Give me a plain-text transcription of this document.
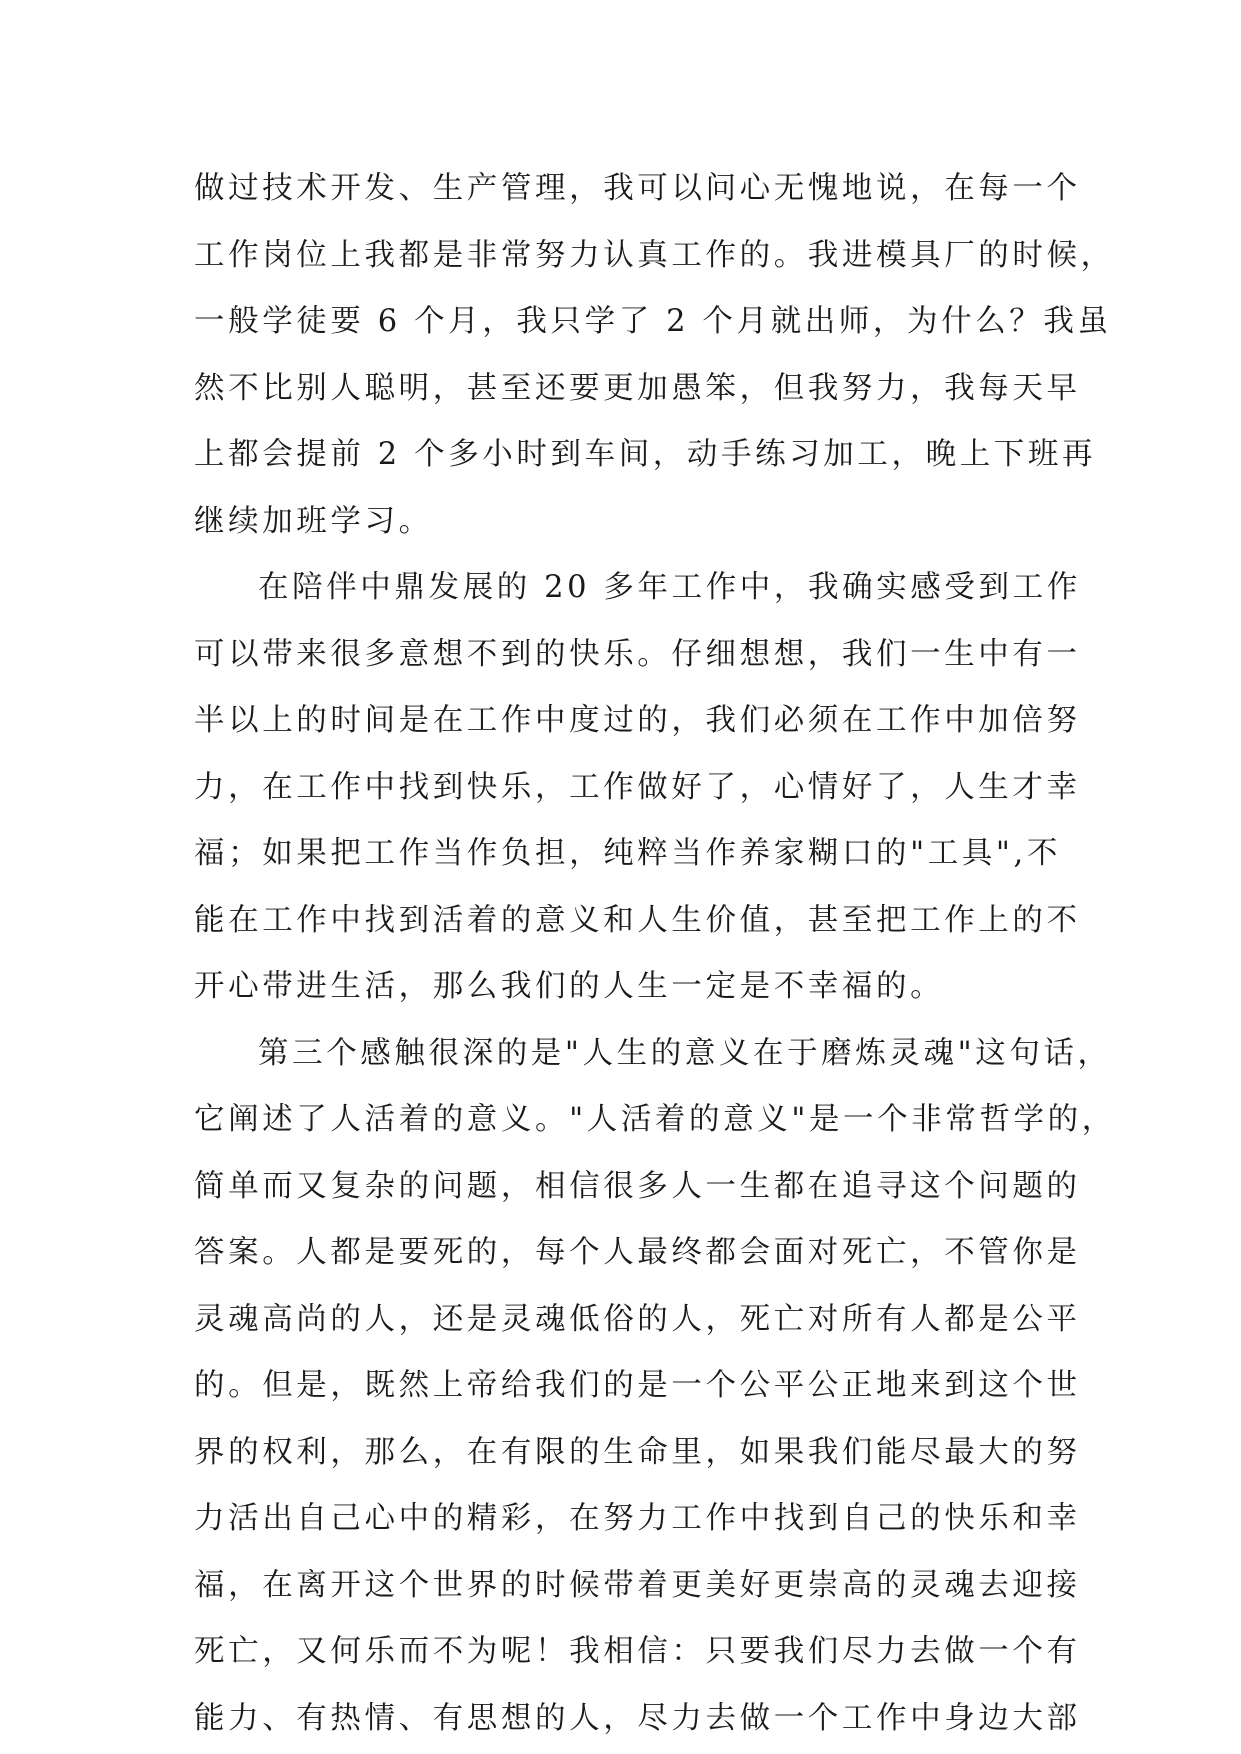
做过技术开发、生产管理，我可以问心无愧地说，在每一个
工作岗位上我都是非常努力认真工作的。我进模具厂的时候，
一般学徒要 6 个月，我只学了 2 个月就出师，为什么？我虽
然不比别人聪明，甚至还要更加愚笨，但我努力，我每天早
上都会提前 2 个多小时到车间，动手练习加工，晚上下班再
继续加班学习。
在陪伴中鼎发展的 20 多年工作中，我确实感受到工作
可以带来很多意想不到的快乐。仔细想想，我们一生中有一
半以上的时间是在工作中度过的，我们必须在工作中加倍努
力，在工作中找到快乐，工作做好了，心情好了，人生才幸
福；如果把工作当作负担，纯粹当作养家糊口的"工具",不
能在工作中找到活着的意义和人生价值，甚至把工作上的不
开心带进生活，那么我们的人生一定是不幸福的。
第三个感触很深的是"人生的意义在于磨炼灵魂"这句话，
它阐述了人活着的意义。"人活着的意义"是一个非常哲学的，
简单而又复杂的问题，相信很多人一生都在追寻这个问题的
答案。人都是要死的，每个人最终都会面对死亡，不管你是
灵魂高尚的人，还是灵魂低俗的人，死亡对所有人都是公平
的。但是，既然上帝给我们的是一个公平公正地来到这个世
界的权利，那么，在有限的生命里，如果我们能尽最大的努
力活出自己心中的精彩，在努力工作中找到自己的快乐和幸
福，在离开这个世界的时候带着更美好更崇高的灵魂去迎接
死亡，又何乐而不为呢！我相信：只要我们尽力去做一个有
能力、有热情、有思想的人，尽力去做一个工作中身边大部
